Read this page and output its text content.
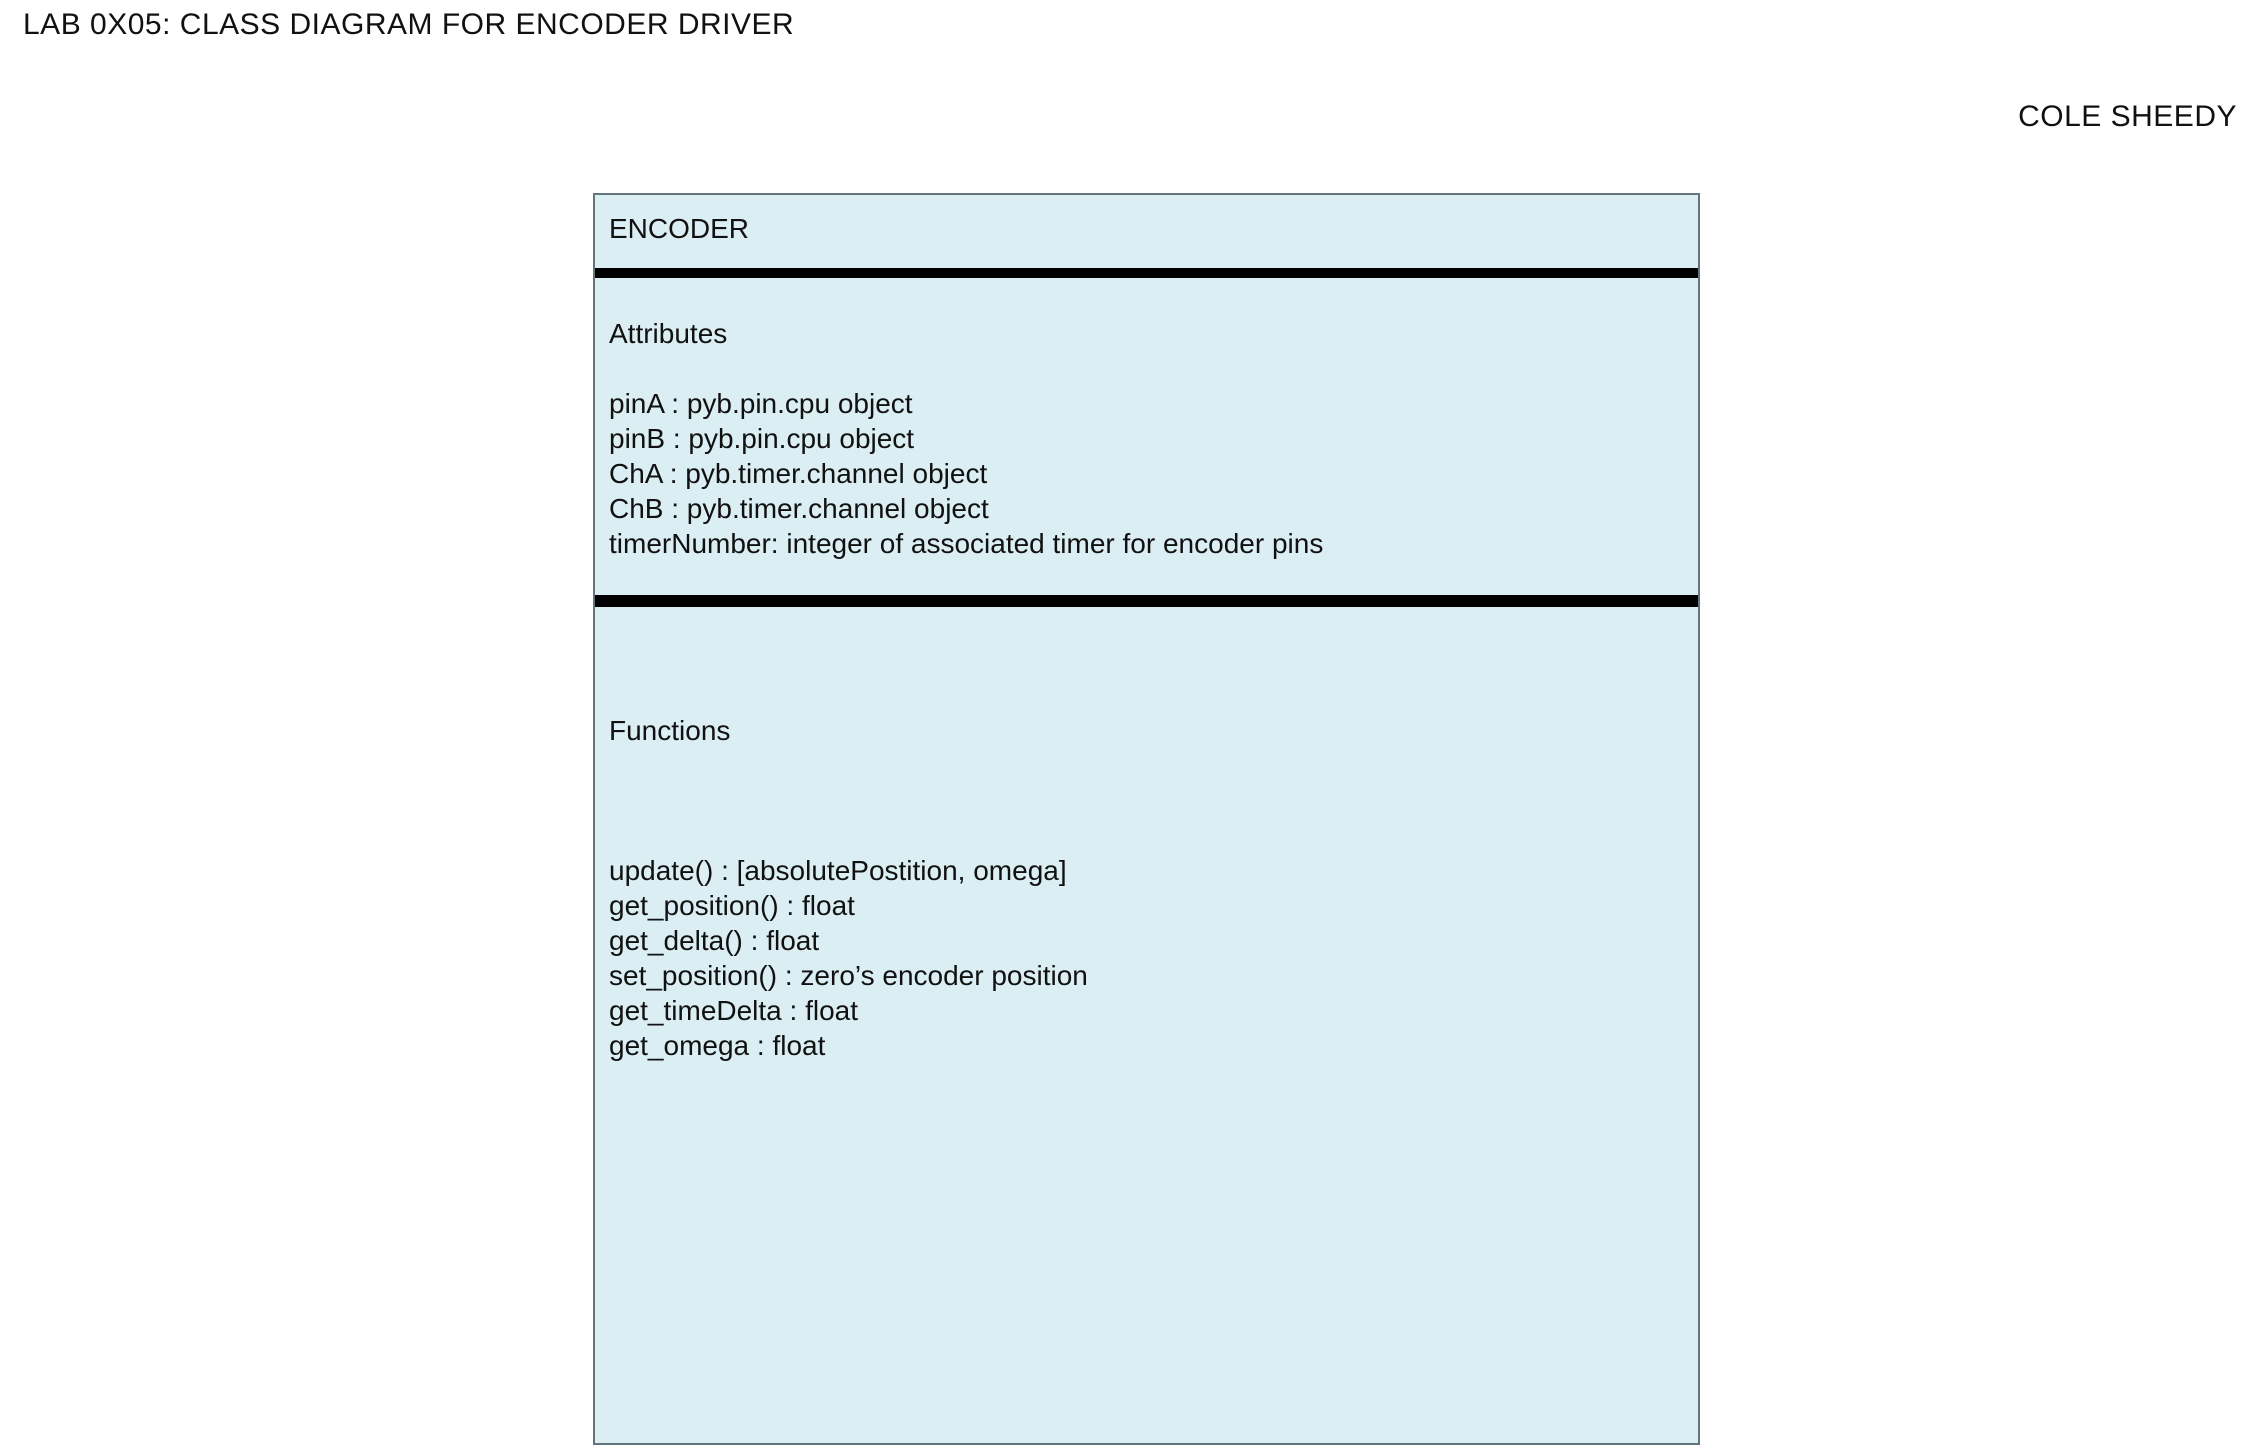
LAB 0X05: CLASS DIAGRAM FOR ENCODER DRIVER
COLE SHEEDY
ENCODER
Attributes
pinA : pyb.pin.cpu object
pinB : pyb.pin.cpu object
ChA : pyb.timer.channel object
ChB : pyb.timer.channel object
timerNumber: integer of associated timer for encoder pins
Functions
update() : [absolutePostition, omega]
get_position() : float
get_delta() : float
set_position() : zero’s encoder position
get_timeDelta : float
get_omega : float
